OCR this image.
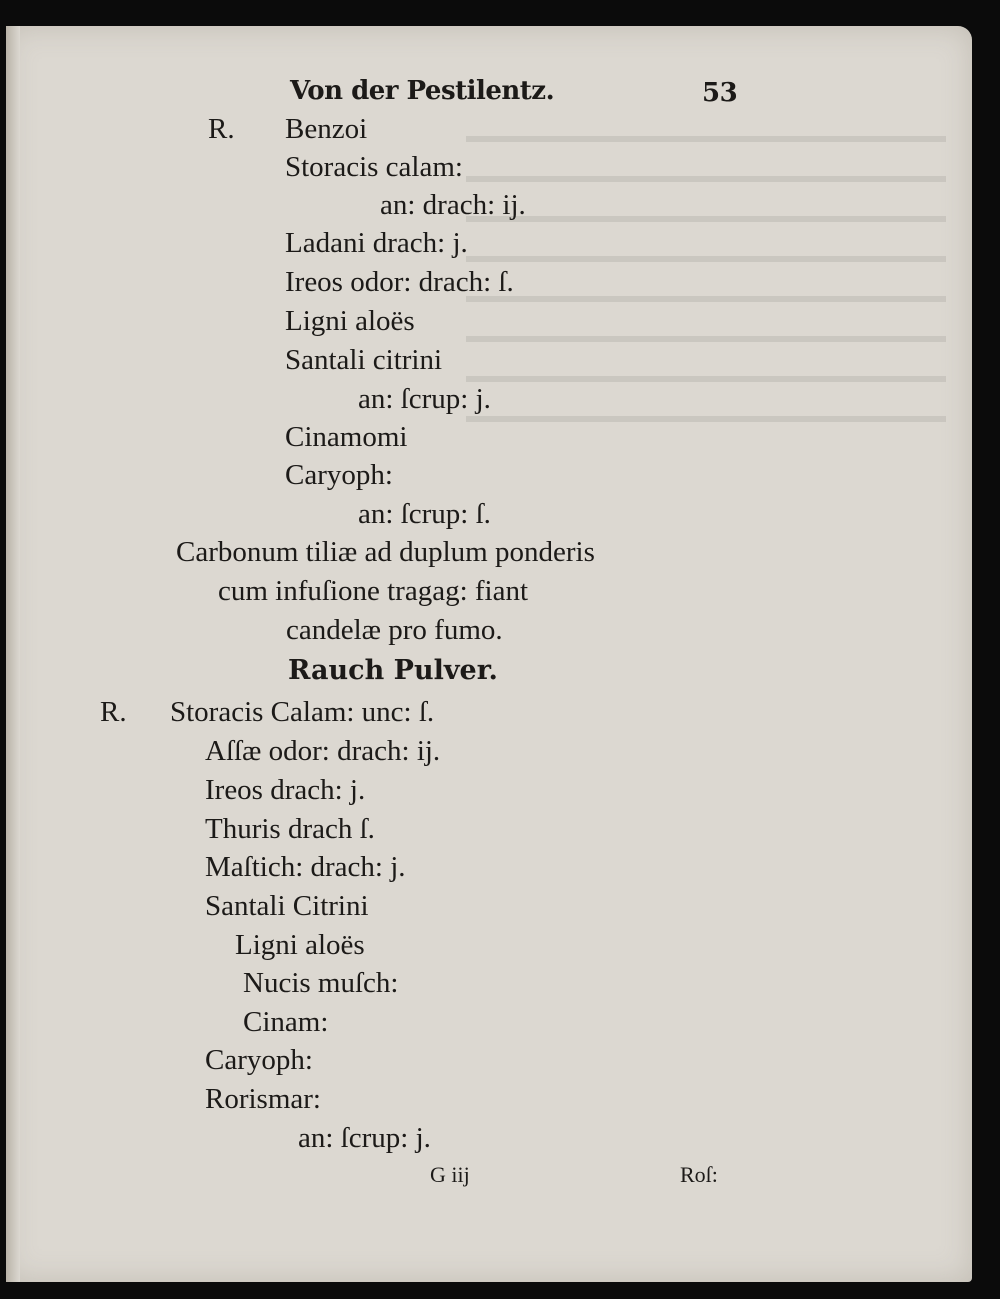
Von der Pestilentz.	53
R. Benzoi
Storacis calam:
an: drach: ij.
Ladani drach: j.
Ireos odor: drach: ſ.
Ligni aloës
Santali citrini
an: ſcrup: j.
Cinamomi
Caryoph:
an: ſcrup: ſ.
Carbonum tiliæ ad duplum ponderis
cum infuſione tragag: fiant
candelæ pro fumo.
Rauch Pulver.
R. Storacis Calam: unc: ſ.
Aſſæ odor: drach: ij.
Ireos drach: j.
Thuris drach ſ.
Maſtich: drach: j.
Santali Citrini
Ligni aloës
Nucis muſch:
Cinam:
Caryoph:
Rorismar:
an: ſcrup: j.
G iij	Roſ:
